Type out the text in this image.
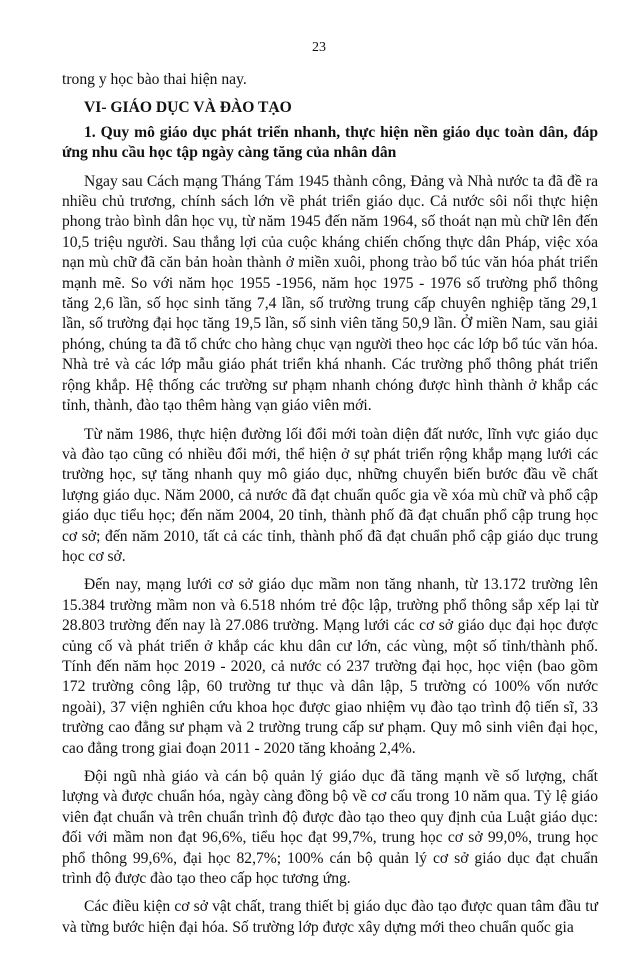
23

trong y học bào thai hiện nay.

VI- GIÁO DỤC VÀ ĐÀO TẠO

1. Quy mô giáo dục phát triển nhanh, thực hiện nền giáo dục toàn dân, đáp ứng nhu cầu học tập ngày càng tăng của nhân dân

Ngay sau Cách mạng Tháng Tám 1945 thành công, Đảng và Nhà nước ta đã đề ra nhiều chủ trương, chính sách lớn về phát triển giáo dục. Cả nước sôi nổi thực hiện phong trào bình dân học vụ, từ năm 1945 đến năm 1964, số thoát nạn mù chữ lên đến 10,5 triệu người. Sau thắng lợi của cuộc kháng chiến chống thực dân Pháp, việc xóa nạn mù chữ đã căn bản hoàn thành ở miền xuôi, phong trào bổ túc văn hóa phát triển mạnh mẽ. So với năm học 1955 -1956, năm học 1975 - 1976 số trường phổ thông tăng 2,6 lần, số học sinh tăng 7,4 lần, số trường trung cấp chuyên nghiệp tăng 29,1 lần, số trường đại học tăng 19,5 lần, số sinh viên tăng 50,9 lần. Ở miền Nam, sau giải phóng, chúng ta đã tổ chức cho hàng chục vạn người theo học các lớp bổ túc văn hóa. Nhà trẻ và các lớp mẫu giáo phát triển khá nhanh. Các trường phổ thông phát triển rộng khắp. Hệ thống các trường sư phạm nhanh chóng được hình thành ở khắp các tỉnh, thành, đào tạo thêm hàng vạn giáo viên mới.

Từ năm 1986, thực hiện đường lối đổi mới toàn diện đất nước, lĩnh vực giáo dục và đào tạo cũng có nhiều đổi mới, thể hiện ở sự phát triển rộng khắp mạng lưới các trường học, sự tăng nhanh quy mô giáo dục, những chuyển biến bước đầu về chất lượng giáo dục. Năm 2000, cả nước đã đạt chuẩn quốc gia về xóa mù chữ và phổ cập giáo dục tiểu học; đến năm 2004, 20 tỉnh, thành phố đã đạt chuẩn phổ cập trung học cơ sở; đến năm 2010, tất cả các tỉnh, thành phố đã đạt chuẩn phổ cập giáo dục trung học cơ sở.

Đến nay, mạng lưới cơ sở giáo dục mầm non tăng nhanh, từ 13.172 trường lên 15.384 trường mầm non và 6.518 nhóm trẻ độc lập, trường phổ thông sắp xếp lại từ 28.803 trường đến nay là 27.086 trường. Mạng lưới các cơ sở giáo dục đại học được củng cố và phát triển ở khắp các khu dân cư lớn, các vùng, một số tỉnh/thành phố. Tính đến năm học 2019 - 2020, cả nước có 237 trường đại học, học viện (bao gồm 172 trường công lập, 60 trường tư thục và dân lập, 5 trường có 100% vốn nước ngoài), 37 viện nghiên cứu khoa học được giao nhiệm vụ đào tạo trình độ tiến sĩ, 33 trường cao đẳng sư phạm và 2 trường trung cấp sư phạm. Quy mô sinh viên đại học, cao đẳng trong giai đoạn 2011 - 2020 tăng khoảng 2,4%.

Đội ngũ nhà giáo và cán bộ quản lý giáo dục đã tăng mạnh về số lượng, chất lượng và được chuẩn hóa, ngày càng đồng bộ về cơ cấu trong 10 năm qua. Tỷ lệ giáo viên đạt chuẩn và trên chuẩn trình độ được đào tạo theo quy định của Luật giáo dục: đối với mầm non đạt 96,6%, tiểu học đạt 99,7%, trung học cơ sở 99,0%, trung học phổ thông 99,6%, đại học 82,7%; 100% cán bộ quản lý cơ sở giáo dục đạt chuẩn trình độ được đào tạo theo cấp học tương ứng.

Các điều kiện cơ sở vật chất, trang thiết bị giáo dục đào tạo được quan tâm đầu tư và từng bước hiện đại hóa. Số trường lớp được xây dựng mới theo chuẩn quốc gia
